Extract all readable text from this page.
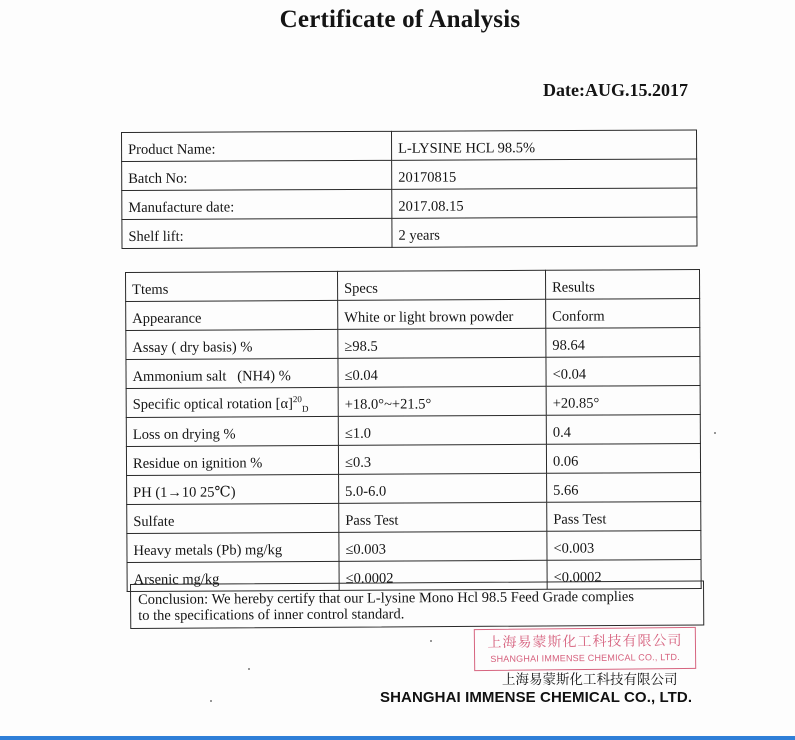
Certificate of Analysis
Date:AUG.15.2017
Product Name:	L-LYSINE HCL 98.5%
Batch No:	20170815
Manufacture date:	2017.08.15
Shelf lift:	2 years
Ttems	Specs	Results
Appearance	White or light brown powder	Conform
Assay ( dry basis) %	≥98.5	98.64
Ammonium salt   (NH4) %	≤0.04	<0.04
Specific optical rotation $[\alpha]^{20}_D$	+18.0°~+21.5°	+20.85°
Loss on drying %	≤1.0	0.4
Residue on ignition %	≤0.3	0.06
PH (1→10 25℃)	5.0-6.0	5.66
Sulfate	Pass Test	Pass Test
Heavy metals (Pb) mg/kg	≤0.003	<0.003
Arsenic mg/kg	≤0.0002	<0.0002
Conclusion: We hereby certify that our L-lysine Mono Hcl 98.5 Feed Grade complies
to the specifications of inner control standard.
上海易蒙斯化工科技有限公司
SHANGHAI IMMENSE CHEMICAL CO., LTD.
上海易蒙斯化工科技有限公司
SHANGHAI IMMENSE CHEMICAL CO., LTD.
